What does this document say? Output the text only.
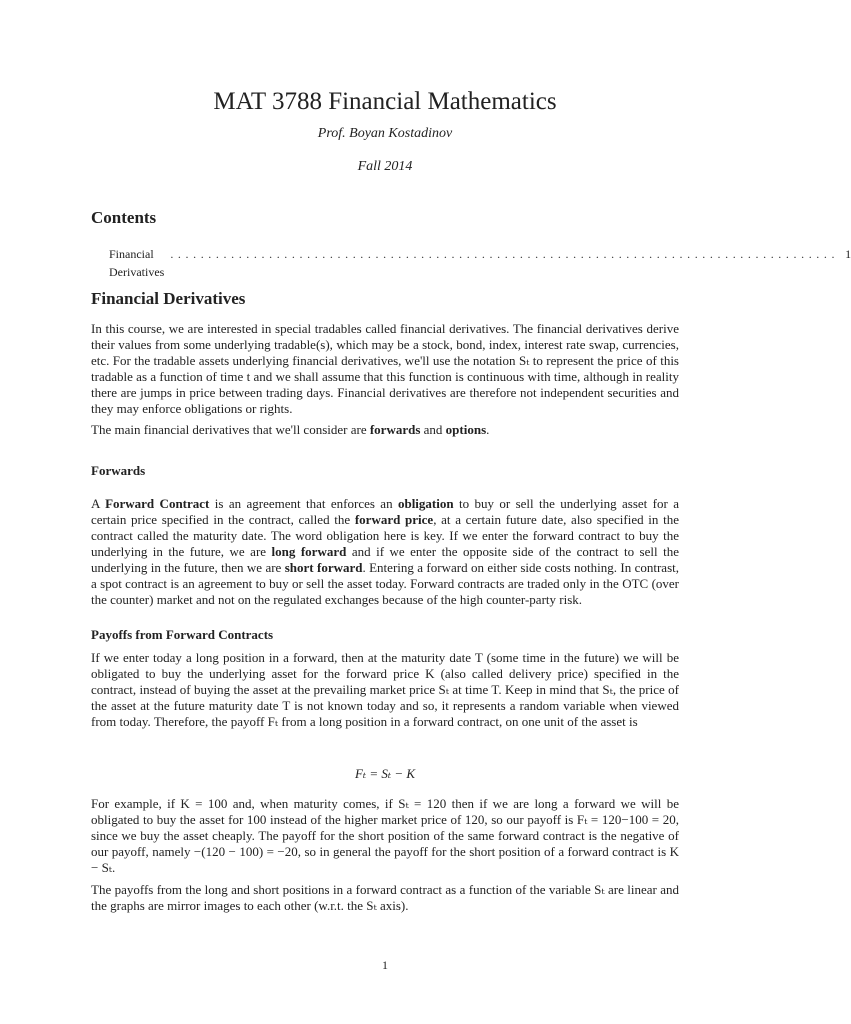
MAT 3788 Financial Mathematics
Prof. Boyan Kostadinov
Fall 2014
Contents
Financial Derivatives
........................................................................................ 1
Financial Derivatives

In this course, we are interested in special tradables called financial derivatives. The financial derivatives derive their values from some underlying tradable(s), which may be a stock, bond, index, interest rate swap, currencies, etc. For the tradable assets underlying financial derivatives, we'll use the notation Sₜ to represent the price of this tradable as a function of time t and we shall assume that this function is continuous with time, although in reality there are jumps in price between trading days. Financial derivatives are therefore not independent securities and they may enforce obligations or rights.

The main financial derivatives that we'll consider are forwards and options.

Forwards

A Forward Contract is an agreement that enforces an obligation to buy or sell the underlying asset for a certain price specified in the contract, called the forward price, at a certain future date, also specified in the contract called the maturity date. The word obligation here is key. If we enter the forward contract to buy the underlying in the future, we are long forward and if we enter the opposite side of the contract to sell the underlying in the future, then we are short forward. Entering a forward on either side costs nothing. In contrast, a spot contract is an agreement to buy or sell the asset today. Forward contracts are traded only in the OTC (over the counter) market and not on the regulated exchanges because of the high counter-party risk.

Payoffs from Forward Contracts

If we enter today a long position in a forward, then at the maturity date T (some time in the future) we will be obligated to buy the underlying asset for the forward price K (also called delivery price) specified in the contract, instead of buying the asset at the prevailing market price Sₜ at time T. Keep in mind that Sₜ, the price of the asset at the future maturity date T is not known today and so, it represents a random variable when viewed from today. Therefore, the payoff Fₜ from a long position in a forward contract, on one unit of the asset is

Fₜ = Sₜ − K

For example, if K = 100 and, when maturity comes, if Sₜ = 120 then if we are long a forward we will be obligated to buy the asset for 100 instead of the higher market price of 120, so our payoff is Fₜ = 120−100 = 20, since we buy the asset cheaply. The payoff for the short position of the same forward contract is the negative of our payoff, namely −(120 − 100) = −20, so in general the payoff for the short position of a forward contract is K − Sₜ.

The payoffs from the long and short positions in a forward contract as a function of the variable Sₜ are linear and the graphs are mirror images to each other (w.r.t. the Sₜ axis).

1
